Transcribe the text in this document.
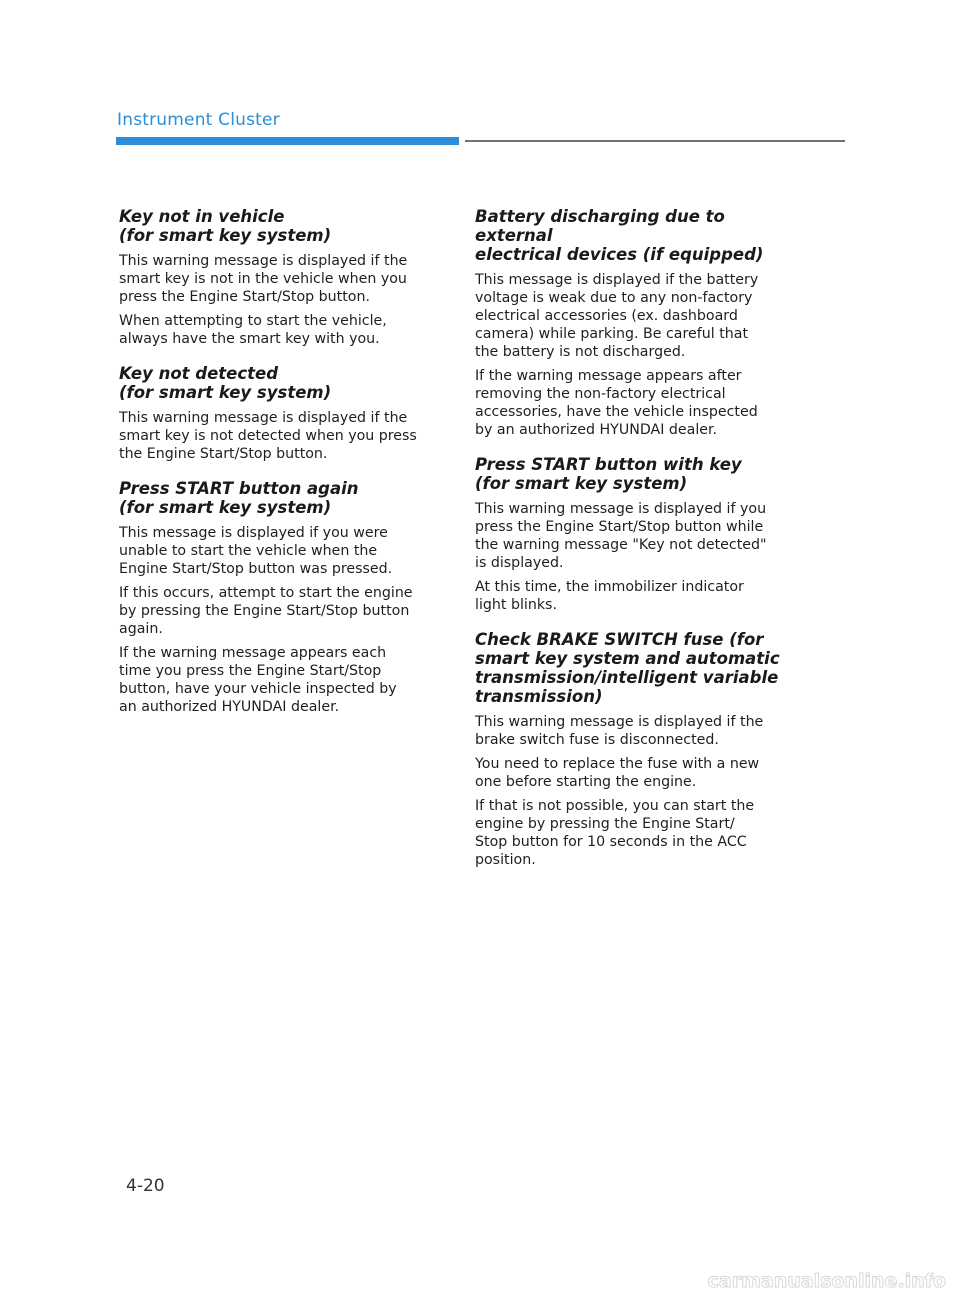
Instrument Cluster
Key not in vehicle
(for smart key system)

This warning message is displayed if the
smart key is not in the vehicle when you
press the Engine Start/Stop button.

When attempting to start the vehicle,
always have the smart key with you.

Key not detected
(for smart key system)

This warning message is displayed if the
smart key is not detected when you press
the Engine Start/Stop button.

Press START button again
(for smart key system)

This message is displayed if you were
unable to start the vehicle when the
Engine Start/Stop button was pressed.

If this occurs, attempt to start the engine
by pressing the Engine Start/Stop button
again.

If the warning message appears each
time you press the Engine Start/Stop
button, have your vehicle inspected by
an authorized HYUNDAI dealer.

Battery discharging due to external
electrical devices (if equipped)

This message is displayed if the battery
voltage is weak due to any non-factory
electrical accessories (ex. dashboard
camera) while parking. Be careful that
the battery is not discharged.

If the warning message appears after
removing the non-factory electrical
accessories, have the vehicle inspected
by an authorized HYUNDAI dealer.

Press START button with key
(for smart key system)

This warning message is displayed if you
press the Engine Start/Stop button while
the warning message "Key not detected"
is displayed.

At this time, the immobilizer indicator
light blinks.

Check BRAKE SWITCH fuse (for
smart key system and automatic
transmission/intelligent variable
transmission)

This warning message is displayed if the
brake switch fuse is disconnected.

You need to replace the fuse with a new
one before starting the engine.

If that is not possible, you can start the
engine by pressing the Engine Start/
Stop button for 10 seconds in the ACC
position.

4-20

carmanualsonline.info
